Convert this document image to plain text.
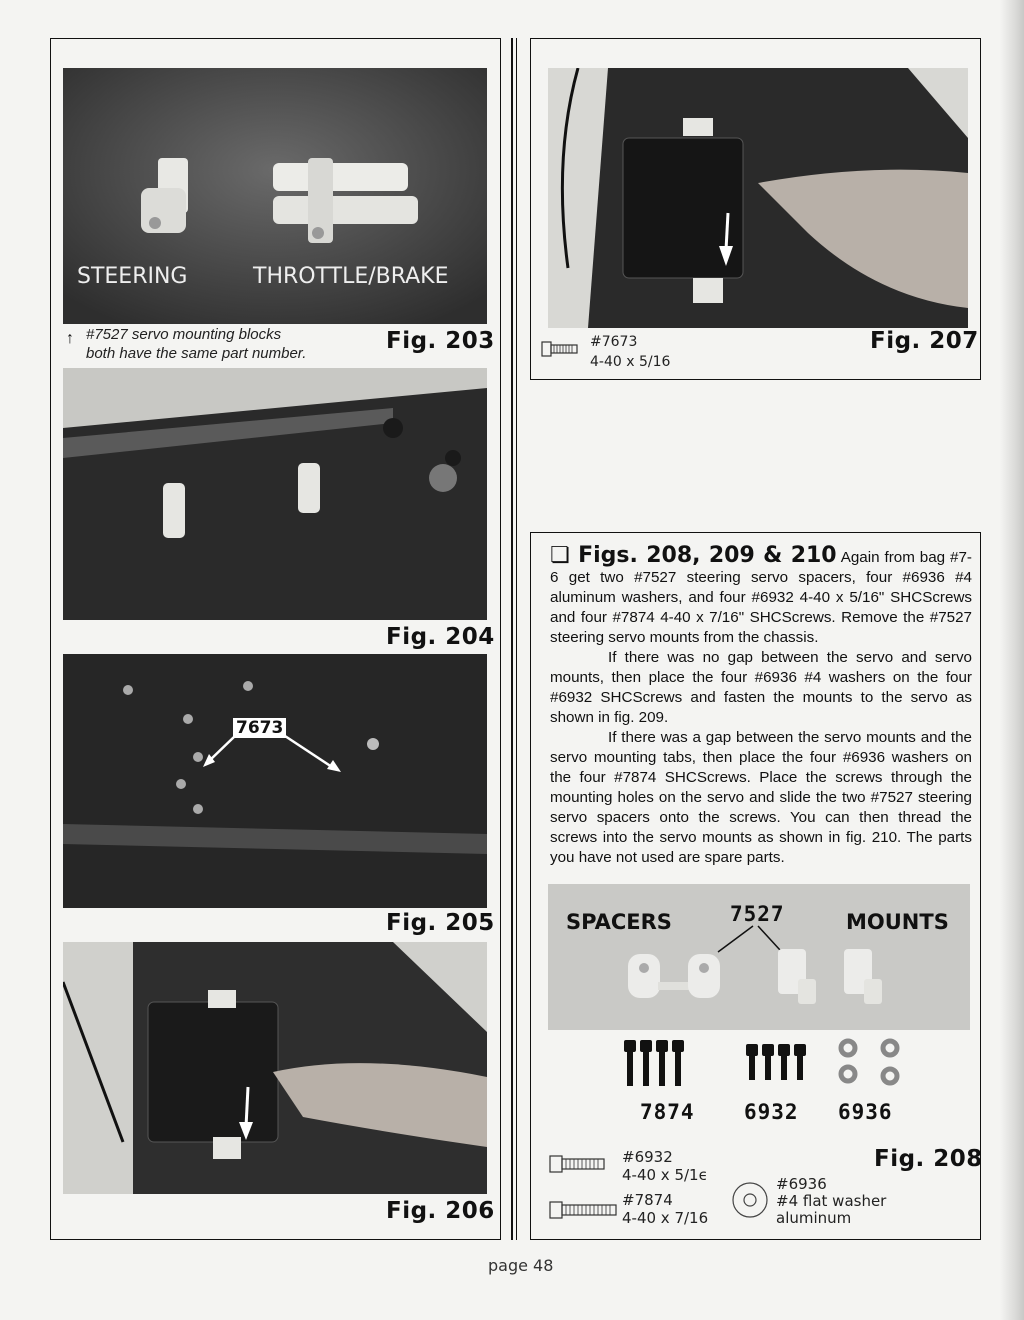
STEERING	THROTTLE/BRAKE
↑ #7527 servo mounting blocks
both have the same part number.	Fig. 203
Fig. 204
7673
Fig. 205
Fig. 206
#7673
4-40 x 5/16
Fig. 207

❏ Figs. 208, 209 & 210 Again from bag #7-6 get two #7527 steering servo spacers, four #6936 #4 aluminum washers, and four #6932 4-40 x 5/16" SHCScrews and four #7874 4-40 x 7/16" SHCScrews. Remove the #7527 steering servo mounts from the chassis.

If there was no gap between the servo and servo mounts, then place the four #6936 #4 washers on the four #6932 SHCScrews and fasten the mounts to the servo as shown in fig. 209.

If there was a gap between the servo mounts and the servo mounting tabs, then place the four #6936 washers on the four #7874 SHCScrews. Place the screws through the mounting holes on the servo and slide the two #7527 steering servo spacers onto the screws. You can then thread the screws into the servo mounts as shown in fig. 210. The parts you have not used are spare parts.

SPACERS	7527	MOUNTS
7874 6932 6936
#6932
4-40 x 5/1ϵ
#7874
4-40 x 7/16
#6936
#4 flat washer
aluminum
Fig. 208
page 48
